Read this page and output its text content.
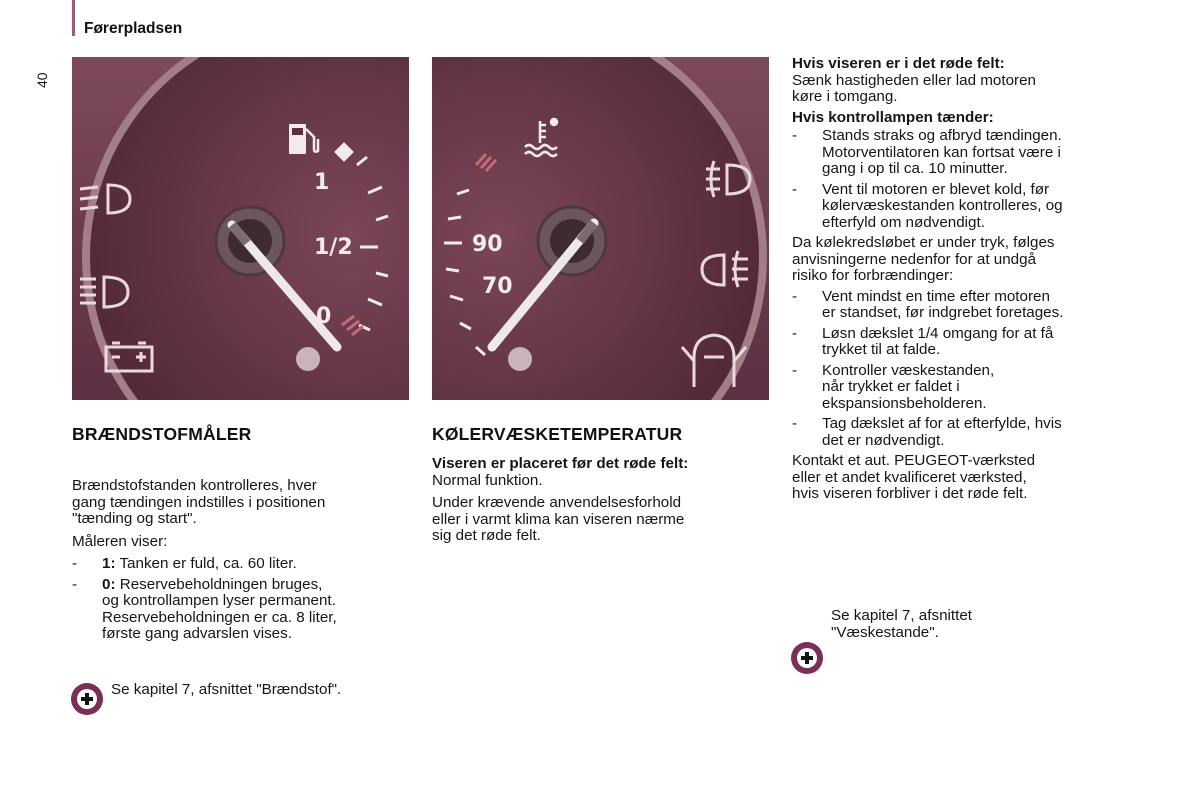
Førerpladsen
40
1
1/2
0
90
70
BRÆNDSTOFMÅLER

Brændstofstanden kontrolleres, hver
gang tændingen indstilles i positionen
"tænding og start".

Måleren viser:

- 1: Tanken er fuld, ca. 60 liter.
- 0: Reservebeholdningen bruges,
og kontrollampen lyser permanent.
Reservebeholdningen er ca. 8 liter,
første gang advarslen vises.
Se kapitel 7, afsnittet "Brændstof".
KØLERVÆSKETEMPERATUR

Viseren er placeret før det røde felt:
Normal funktion.

Under krævende anvendelsesforhold
eller i varmt klima kan viseren nærme
sig det røde felt.

Hvis viseren er i det røde felt:
Sænk hastigheden eller lad motoren
køre i tomgang.

Hvis kontrollampen tænder:

- Stands straks og afbryd tændingen.
Motorventilatoren kan fortsat være i
gang i op til ca. 10 minutter.
- Vent til motoren er blevet kold, før
kølervæskestanden kontrolleres, og
efterfyld om nødvendigt.

Da kølekredsløbet er under tryk, følges
anvisningerne nedenfor for at undgå
risiko for forbrændinger:

- Vent mindst en time efter motoren
er standset, før indgrebet foretages.
- Løsn dækslet 1/4 omgang for at få
trykket til at falde.
- Kontroller væskestanden,
når trykket er faldet i
ekspansionsbeholderen.
- Tag dækslet af for at efterfylde, hvis
det er nødvendigt.

Kontakt et aut. PEUGEOT-værksted
eller et andet kvalificeret værksted,
hvis viseren forbliver i det røde felt.

Se kapitel 7, afsnittet
"Væskestande".
